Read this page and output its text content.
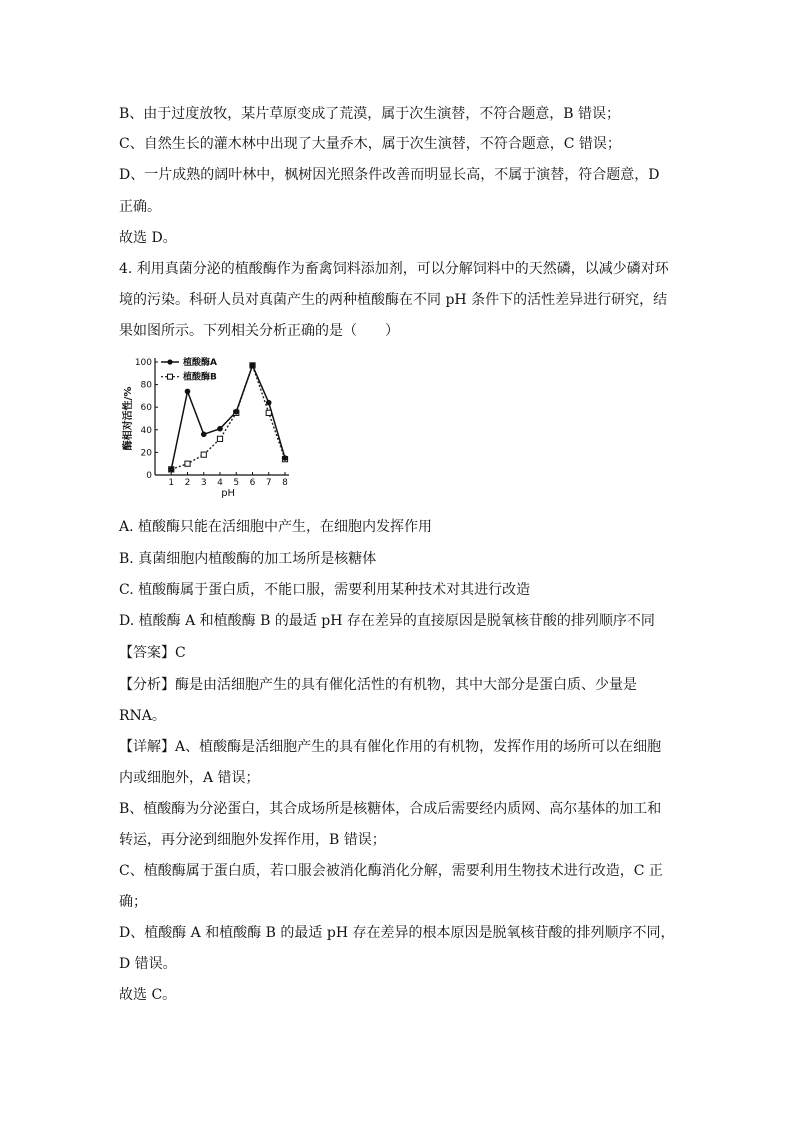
B、由于过度放牧，某片草原变成了荒漠，属于次生演替，不符合题意，B 错误；
C、自然生长的灌木林中出现了大量乔木，属于次生演替，不符合题意，C 错误；
D、一片成熟的阔叶林中，枫树因光照条件改善而明显长高，不属于演替，符合题意，D
正确。
故选 D。
4. 利用真菌分泌的植酸酶作为畜禽饲料添加剂，可以分解饲料中的天然磷，以减少磷对环
境的污染。科研人员对真菌产生的两种植酸酶在不同 pH 条件下的活性差异进行研究，结
果如图所示。下列相关分析正确的是（　　）
0
20
40
60
80
100
1 2 3 4 5 6 7 8
pH
酶相对活性/%
植酸酶A
植酸酶B
A. 植酸酶只能在活细胞中产生，在细胞内发挥作用
B. 真菌细胞内植酸酶的加工场所是核糖体
C. 植酸酶属于蛋白质，不能口服，需要利用某种技术对其进行改造
D. 植酸酶 A 和植酸酶 B 的最适 pH 存在差异的直接原因是脱氧核苷酸的排列顺序不同
【答案】C
【分析】酶是由活细胞产生的具有催化活性的有机物，其中大部分是蛋白质、少量是
RNA。
【详解】A、植酸酶是活细胞产生的具有催化作用的有机物，发挥作用的场所可以在细胞
内或细胞外，A 错误；
B、植酸酶为分泌蛋白，其合成场所是核糖体，合成后需要经内质网、高尔基体的加工和
转运，再分泌到细胞外发挥作用，B 错误；
C、植酸酶属于蛋白质，若口服会被消化酶消化分解，需要利用生物技术进行改造，C 正
确；
D、植酸酶 A 和植酸酶 B 的最适 pH 存在差异的根本原因是脱氧核苷酸的排列顺序不同，
D 错误。
故选 C。
